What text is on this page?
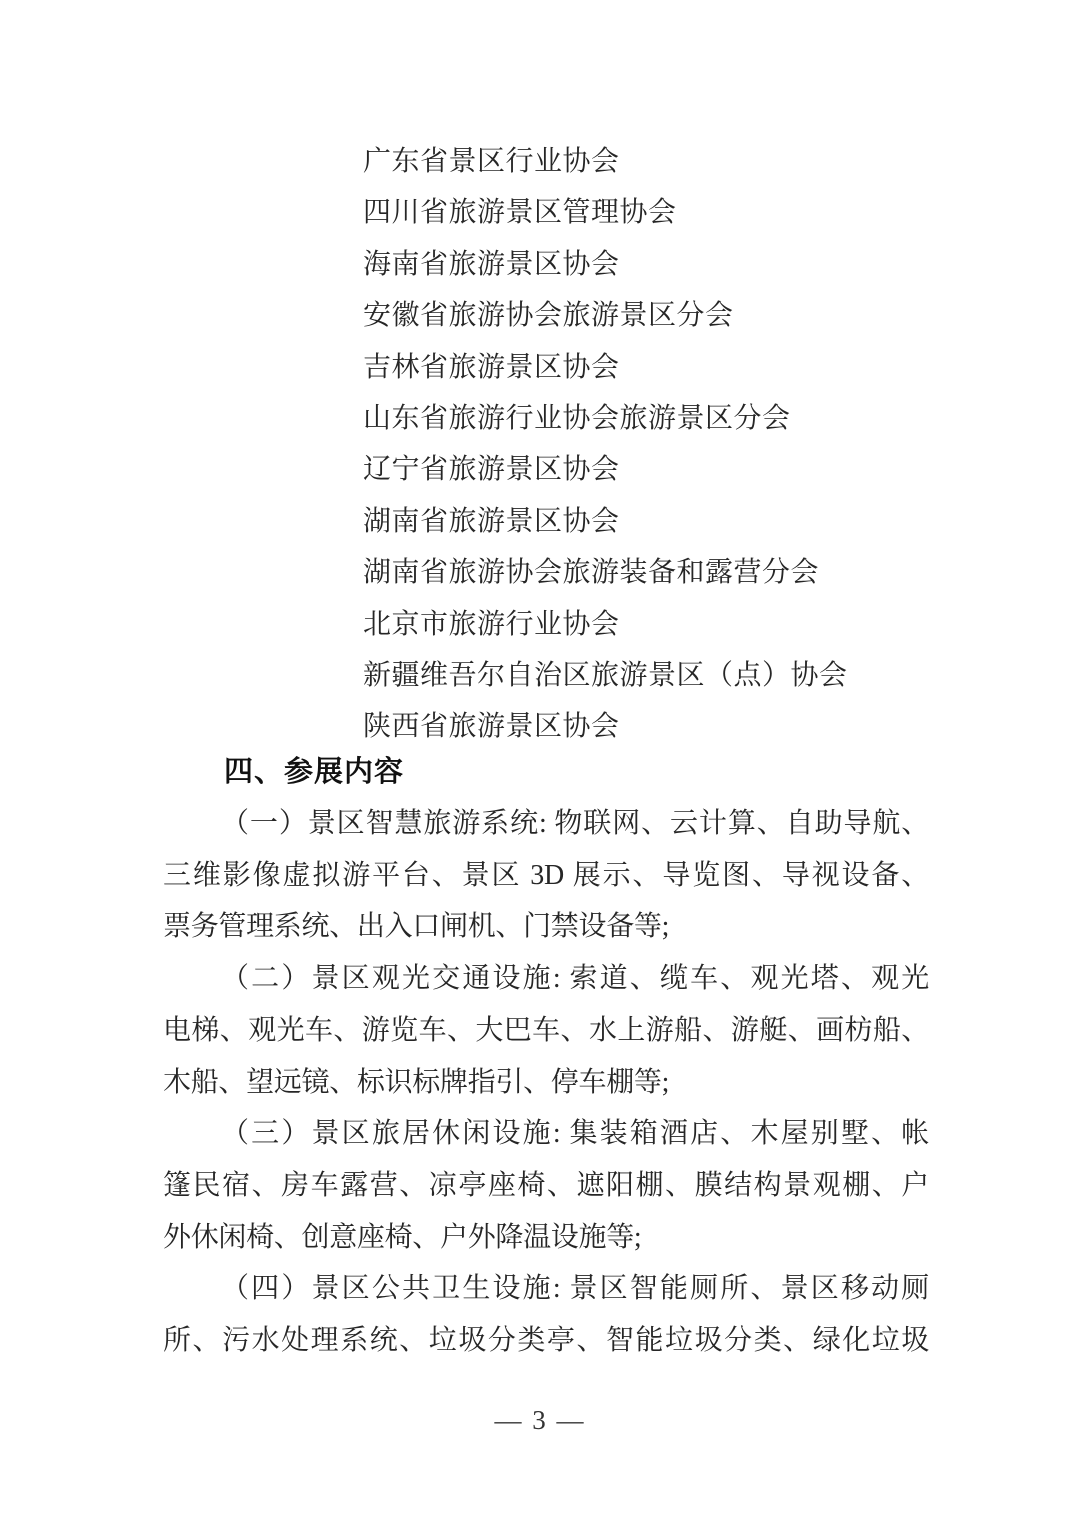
广东省景区行业协会
四川省旅游景区管理协会
海南省旅游景区协会
安徽省旅游协会旅游景区分会
吉林省旅游景区协会
山东省旅游行业协会旅游景区分会
辽宁省旅游景区协会
湖南省旅游景区协会
湖南省旅游协会旅游装备和露营分会
北京市旅游行业协会
新疆维吾尔自治区旅游景区（点）协会
陕西省旅游景区协会
四、参展内容

（一）景区智慧旅游系统: 物联网、云计算、自助导航、
三维影像虚拟游平台、景区 3D 展示、导览图、导视设备、
票务管理系统、出入口闸机、门禁设备等;

（二）景区观光交通设施: 索道、缆车、观光塔、观光
电梯、观光车、游览车、大巴车、水上游船、游艇、画枋船、
木船、望远镜、标识标牌指引、停车棚等;

（三）景区旅居休闲设施: 集装箱酒店、木屋别墅、帐
篷民宿、房车露营、凉亭座椅、遮阳棚、膜结构景观棚、户
外休闲椅、创意座椅、户外降温设施等;

（四）景区公共卫生设施: 景区智能厕所、景区移动厕
所、污水处理系统、垃圾分类亭、智能垃圾分类、绿化垃圾

— 3 —
